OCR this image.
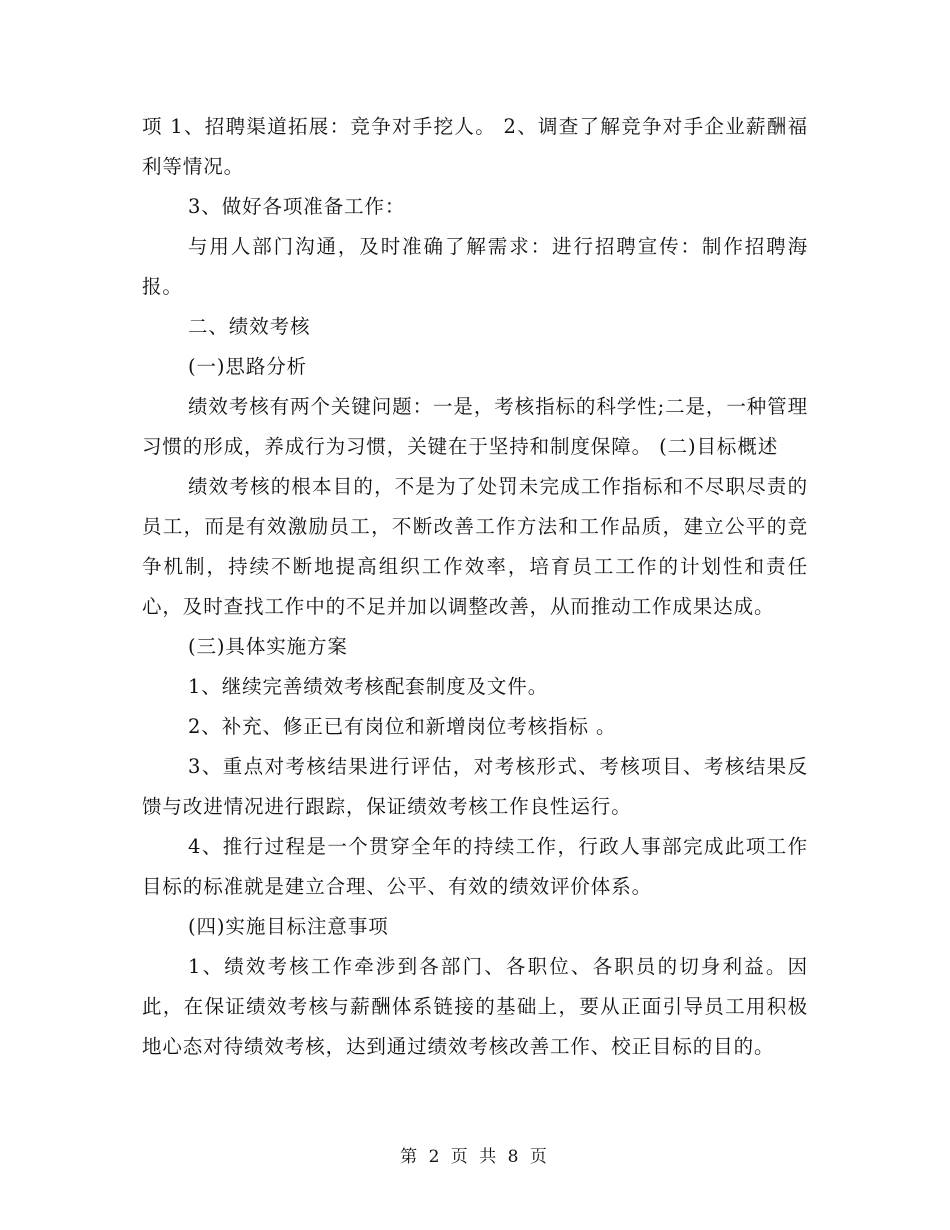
项 1、招聘渠道拓展：竞争对手挖人。 2、调查了解竞争对手企业薪酬福利等情况。

3、做好各项准备工作：

与用人部门沟通，及时准确了解需求：进行招聘宣传：制作招聘海报。

二、绩效考核

(一)思路分析

绩效考核有两个关键问题：一是，考核指标的科学性;二是，一种管理习惯的形成，养成行为习惯，关键在于坚持和制度保障。 (二)目标概述

绩效考核的根本目的，不是为了处罚未完成工作指标和不尽职尽责的员工，而是有效激励员工，不断改善工作方法和工作品质，建立公平的竞争机制，持续不断地提高组织工作效率，培育员工工作的计划性和责任心，及时查找工作中的不足并加以调整改善，从而推动工作成果达成。

(三)具体实施方案

1、继续完善绩效考核配套制度及文件。

2、补充、修正已有岗位和新增岗位考核指标 。

3、重点对考核结果进行评估，对考核形式、考核项目、考核结果反馈与改进情况进行跟踪，保证绩效考核工作良性运行。

4、推行过程是一个贯穿全年的持续工作，行政人事部完成此项工作目标的标准就是建立合理、公平、有效的绩效评价体系。

(四)实施目标注意事项

1、绩效考核工作牵涉到各部门、各职位、各职员的切身利益。因此，在保证绩效考核与薪酬体系链接的基础上，要从正面引导员工用积极地心态对待绩效考核，达到通过绩效考核改善工作、校正目标的目的。

第 2 页 共 8 页
